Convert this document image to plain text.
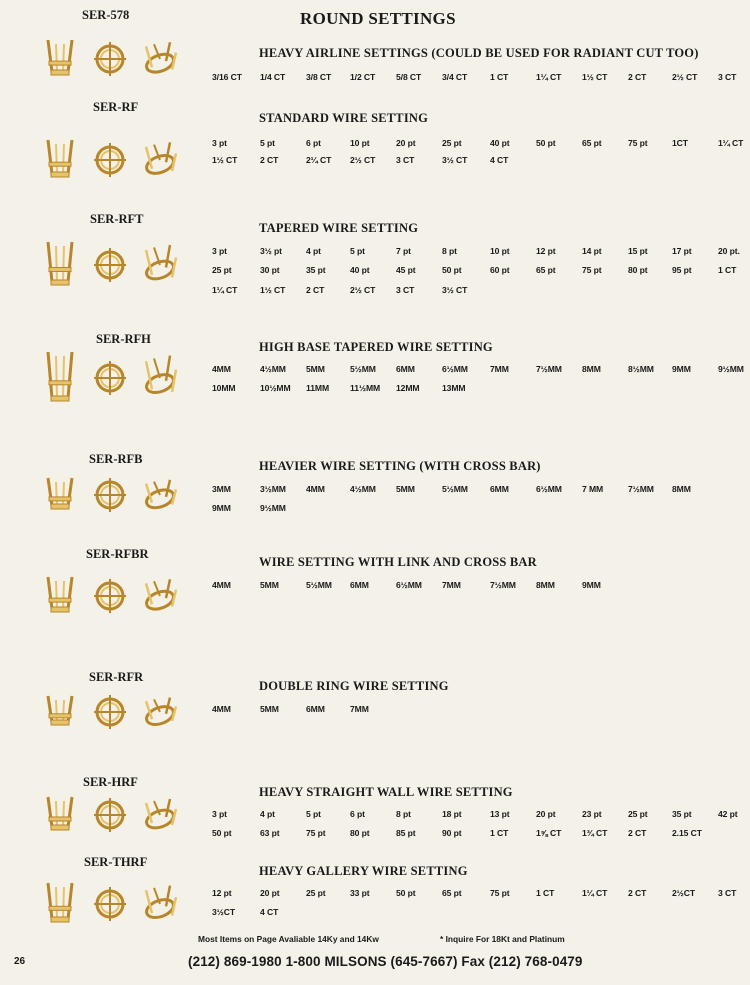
ROUND SETTINGS
SER-578
HEAVY AIRLINE SETTINGS (COULD BE USED FOR RADIANT CUT TOO)
3/16 CT 1/4 CT 3/8 CT 1/2 CT 5/8 CT 3/4 CT	1 CT	1¼ CT 1½ CT 2 CT	2½ CT 3 CT
SER-RF
STANDARD WIRE SETTING
3 pt	5 pt	6 pt	10 pt	20 pt	25 pt	40 pt	50 pt	65 pt	75 pt	1CT	1¼ CT
1½ CT	2 CT	2¼ CT 2½ CT 3 CT	3½ CT	4 CT
SER-RFT
TAPERED WIRE SETTING
3 pt	3½ pt	4 pt	5 pt	7 pt	8 pt	10 pt	12 pt	14 pt	15 pt	17 pt	20 pt.
25 pt	30 pt	35 pt	40 pt	45 pt	50 pt	60 pt	65 pt	75 pt	80 pt	95 pt	1 CT
1¼ CT	1½ CT 2 CT	2½ CT 3 CT	3½ CT
SER-RFH
HIGH BASE TAPERED WIRE SETTING
4MM	4½MM 5MM	5½MM 6MM	6½MM	7MM	7½MM 8MM	8½MM 9MM	9½MM
10MM	10½MM 11MM 11½MM 12MM	13MM
SER-RFB	HEAVIER WIRE SETTING (WITH CROSS BAR)
3MM	3½MM 4MM	4½MM 5MM	5½MM	6MM	6½MM 7 MM	7½MM 8MM
9MM	9½MM
SER-RFBR
WIRE SETTING WITH LINK AND CROSS BAR
4MM	5MM	5½MM 6MM	6½MM 7MM	7½MM 8MM	9MM
SER-RFR
DOUBLE RING WIRE SETTING
4MM	5MM	6MM	7MM
SER-HRF
HEAVY STRAIGHT WALL WIRE SETTING
3 pt	4 pt	5 pt	6 pt	8 pt	18 pt	13 pt	20 pt	23 pt	25 pt	35 pt	42 pt
50 pt	63 pt	75 pt	80 pt	85 pt	90 pt	1 CT	1⅝ CT 1¾ CT 2 CT	2.15 CT
SER-THRF
HEAVY GALLERY WIRE SETTING
12 pt	20 pt	25 pt	33 pt	50 pt	65 pt	75 pt	1 CT	1¼ CT 2 CT	2½CT	3 CT
3½CT	4 CT
Most Items on Page Avaliable 14Ky and 14Kw	* Inquire For 18Kt and Platinum
(212) 869-1980 1-800 MILSONS (645-7667) Fax (212) 768-0479
26
